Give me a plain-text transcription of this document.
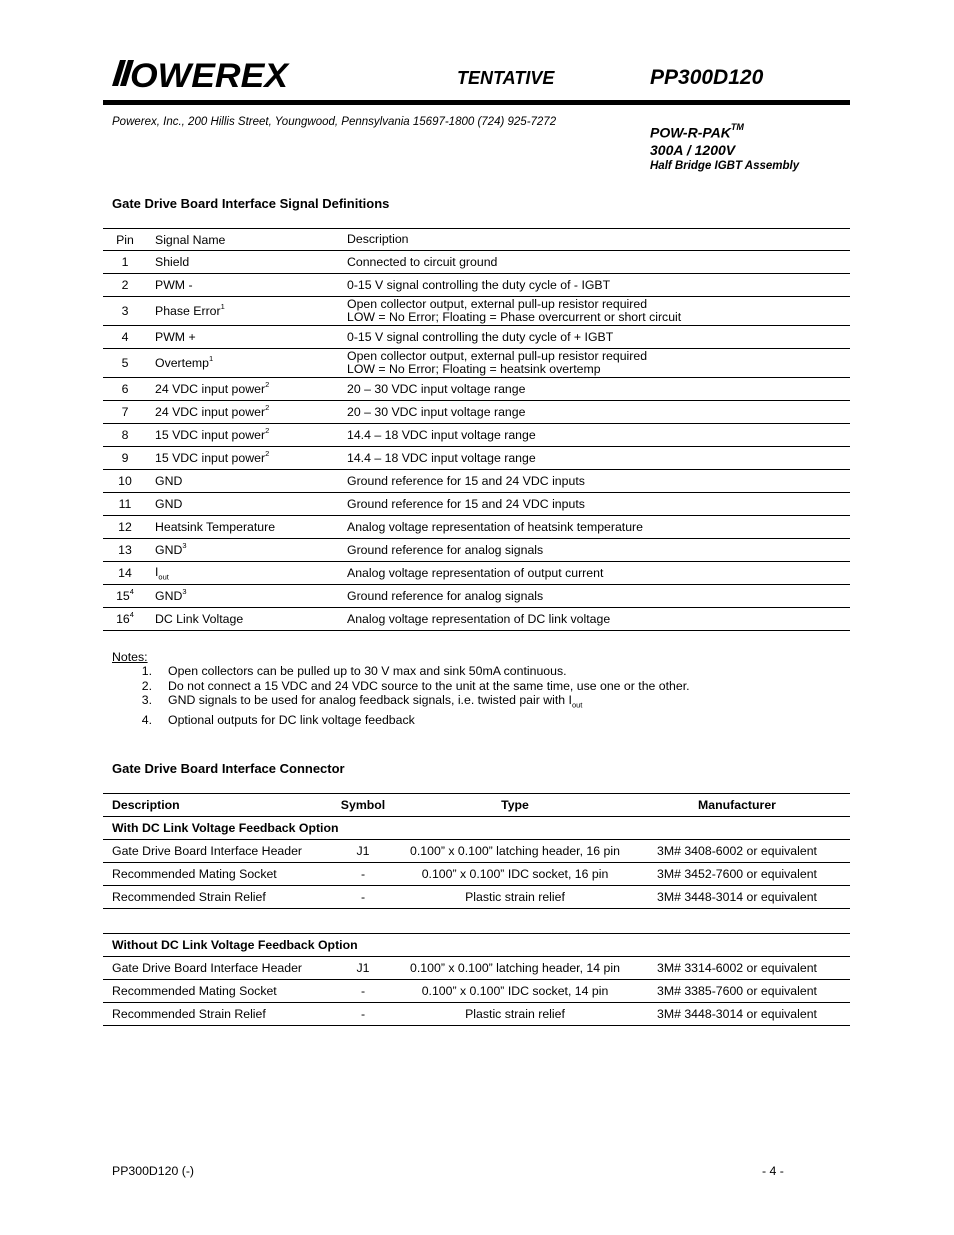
OWEREX	TENTATIVE	PP300D120
Powerex, Inc., 200 Hillis Street, Youngwood, Pennsylvania 15697-1800 (724) 925-7272
POW-R-PAK™
300A / 1200V
Half Bridge IGBT Assembly
Gate Drive Board Interface Signal Definitions
Pin	Signal Name	Description
1	Shield	Connected to circuit ground

2	PWM -	0-15 V signal controlling the duty cycle of - IGBT

3	Phase Error$^1$	Open collector output, external pull-up resistor required
LOW = No Error; Floating = Phase overcurrent or short circuit

4	PWM +	0-15 V signal controlling the duty cycle of + IGBT

5	Overtemp$^1$	Open collector output, external pull-up resistor required
LOW = No Error; Floating = heatsink overtemp

6	24 VDC input power$^2$	20 – 30 VDC input voltage range

7	24 VDC input power$^2$	20 – 30 VDC input voltage range

8	15 VDC input power$^2$	14.4 – 18 VDC input voltage range

9	15 VDC input power$^2$	14.4 – 18 VDC input voltage range

10	GND	Ground reference for 15 and 24 VDC inputs

11	GND	Ground reference for 15 and 24 VDC inputs

12	Heatsink Temperature	Analog voltage representation of heatsink temperature

13	GND$^3$	Ground reference for analog signals

14	$I_{out}$	Analog voltage representation of output current

$15^4$	GND$^3$	Ground reference for analog signals

$16^4$	DC Link Voltage	Analog voltage representation of DC link voltage
Notes:
1.	Open collectors can be pulled up to 30 V max and sink 50mA continuous.
2.	Do not connect a 15 VDC and 24 VDC source to the unit at the same time, use one or the other.
3.	GND signals to be used for analog feedback signals, i.e. twisted pair with $I_{out}$
4.	Optional outputs for DC link voltage feedback
Gate Drive Board Interface Connector
Description	Symbol	Type	Manufacturer
With DC Link Voltage Feedback Option			
Gate Drive Board Interface Header	J1	0.100” x 0.100” latching header, 16 pin	3M# 3408-6002 or equivalent
Recommended Mating Socket	-	0.100” x 0.100” IDC socket, 16 pin	3M# 3452-7600 or equivalent
Recommended Strain Relief	-	Plastic strain relief	3M# 3448-3014 or equivalent
Without DC Link Voltage Feedback Option			
Gate Drive Board Interface Header	J1	0.100” x 0.100” latching header, 14 pin	3M# 3314-6002 or equivalent
Recommended Mating Socket	-	0.100” x 0.100” IDC socket, 14 pin	3M# 3385-7600 or equivalent
Recommended Strain Relief	-	Plastic strain relief	3M# 3448-3014 or equivalent
PP300D120 (-)	- 4 -
